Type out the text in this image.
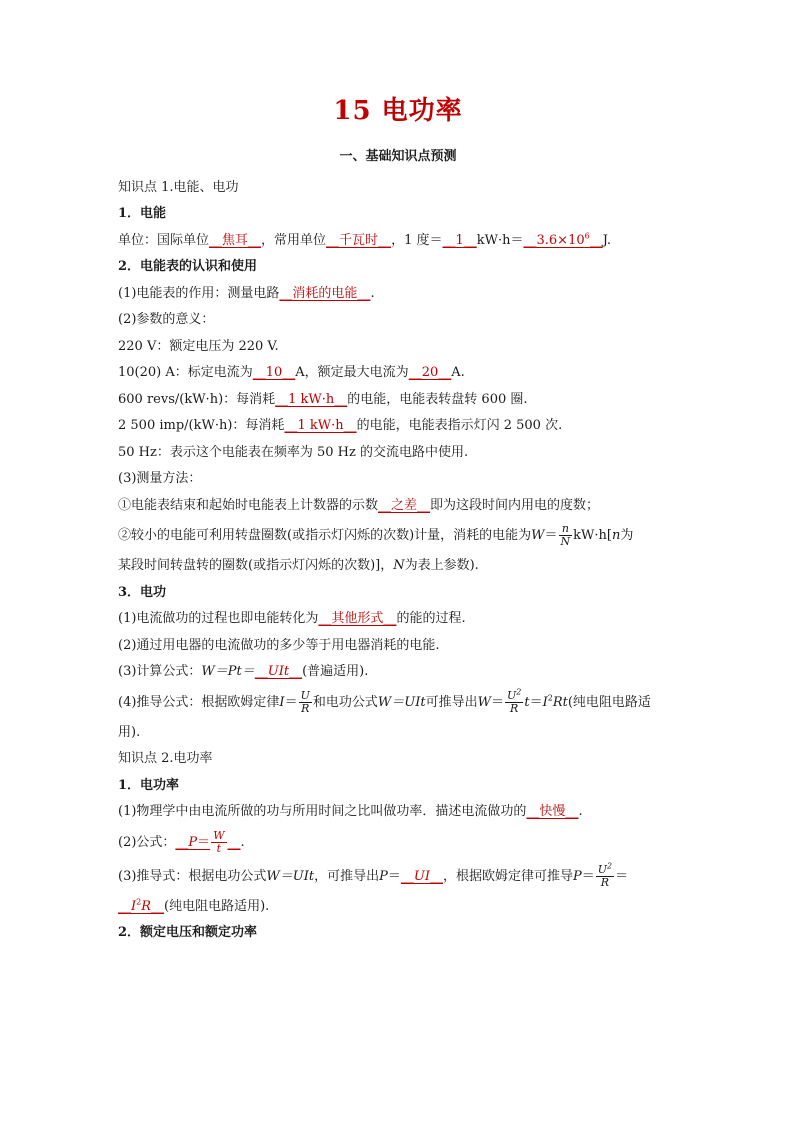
15 电功率
一、基础知识点预测
知识点 1.电能、电功
1．电能
单位：国际单位__焦耳__，常用单位__千瓦时__，1 度$=\_\_1\_\_kW\cdot h=\_\_3.6\times 10^6\_\_J$.
2．电能表的认识和使用
(1)电能表的作用：测量电路__消耗的电能__.
(2)参数的意义：
220 V：额定电压为 220 V.
10(20) A：标定电流为__10__A，额定最大电流为__20__A.
600 revs/(kW·h)：每消耗__1 kW·h__的电能，电能表转盘转 600 圈.
2 500 imp/(kW·h)：每消耗__1 kW·h__的电能，电能表指示灯闪 2 500 次.
50 Hz：表示这个电能表在频率为 50 Hz 的交流电路中使用.
(3)测量方法：
①电能表结束和起始时电能表上计数器的示数__之差__即为这段时间内用电的度数；
②较小的电能可利用转盘圈数(或指示灯闪烁的次数)计量，消耗的电能为$W= \frac{n}{N} kW\cdot h[n$为
某段时间转盘转的圈数(或指示灯闪烁的次数)]，N为表上参数).
3．电功
(1)电流做功的过程也即电能转化为__其他形式__的能的过程.
(2)通过用电器的电流做功的多少等于用电器消耗的电能.
(3)计算公式：W＝Pt＝__UIt__(普遍适用).
(4)推导公式：根据欧姆定律$I= \frac{U}{R}$ 和电功公式W＝UIt可推导出$W= \frac{U^2}{R} t=I^2Rt$(纯电阻电路适
用).
知识点 2.电功率
1．电功率
(1)物理学中由电流所做的功与所用时间之比叫做功率．描述电流做功的__快慢__.
(2)公式：__P＝ $\frac{W}{t}$ __.
(3)推导式：根据电功公式W＝UIt，可推导出P＝__UI__，根据欧姆定律可推导$P= \frac{U^2}{R}$ ＝
$\_\_I^2R\_\_$(纯电阻电路适用).
2．额定电压和额定功率
